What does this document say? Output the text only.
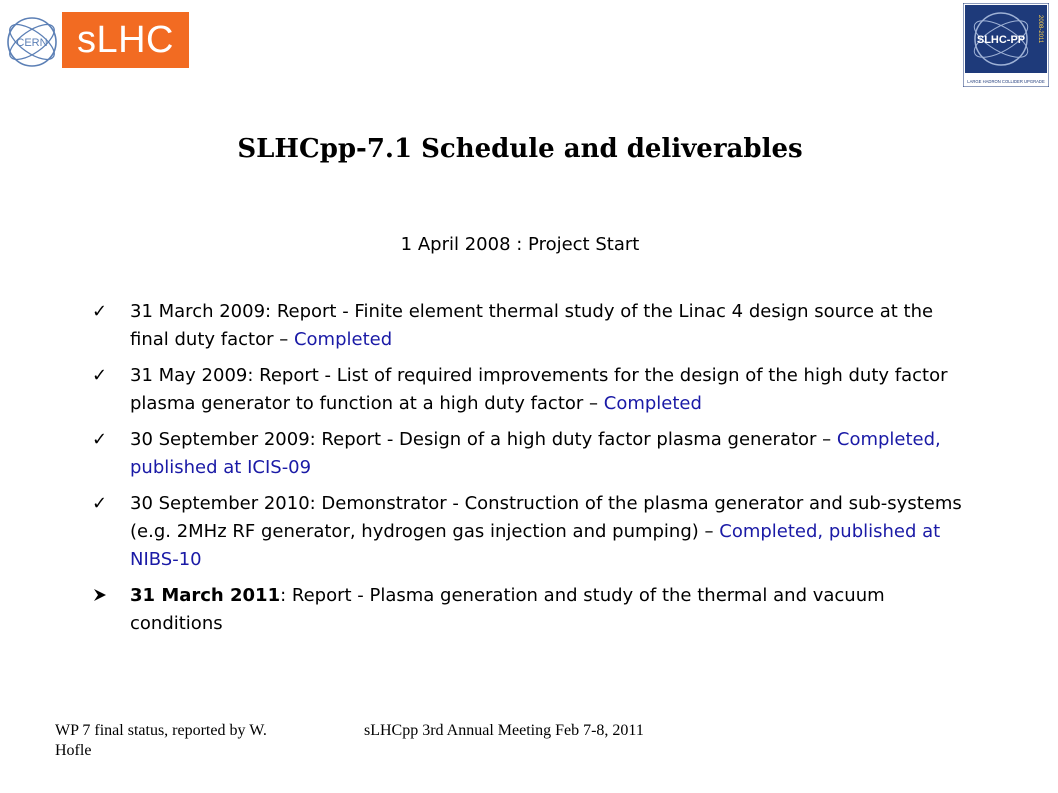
CERN sLHC	SLHC-PP 2008-2011
LARGE HADRON COLLIDER UPGRADE
SLHCpp-7.1 Schedule and deliverables
1 April 2008 : Project Start
✓	31 March 2009: Report - Finite element thermal study of the Linac 4 design source at the final duty factor – Completed
✓	31 May 2009: Report - List of required improvements for the design of the high duty factor plasma generator to function at a high duty factor – Completed
✓	30 September 2009: Report - Design of a high duty factor plasma generator – Completed, published at ICIS-09
✓	30 September 2010: Demonstrator - Construction of the plasma generator and sub-systems (e.g. 2MHz RF generator, hydrogen gas injection and pumping) – Completed, published at NIBS-10
31 March 2011: Report - Plasma generation and study of the thermal and vacuum conditions
WP 7 final status, reported by W. Hofle
sLHCpp 3rd Annual Meeting Feb 7-8, 2011
